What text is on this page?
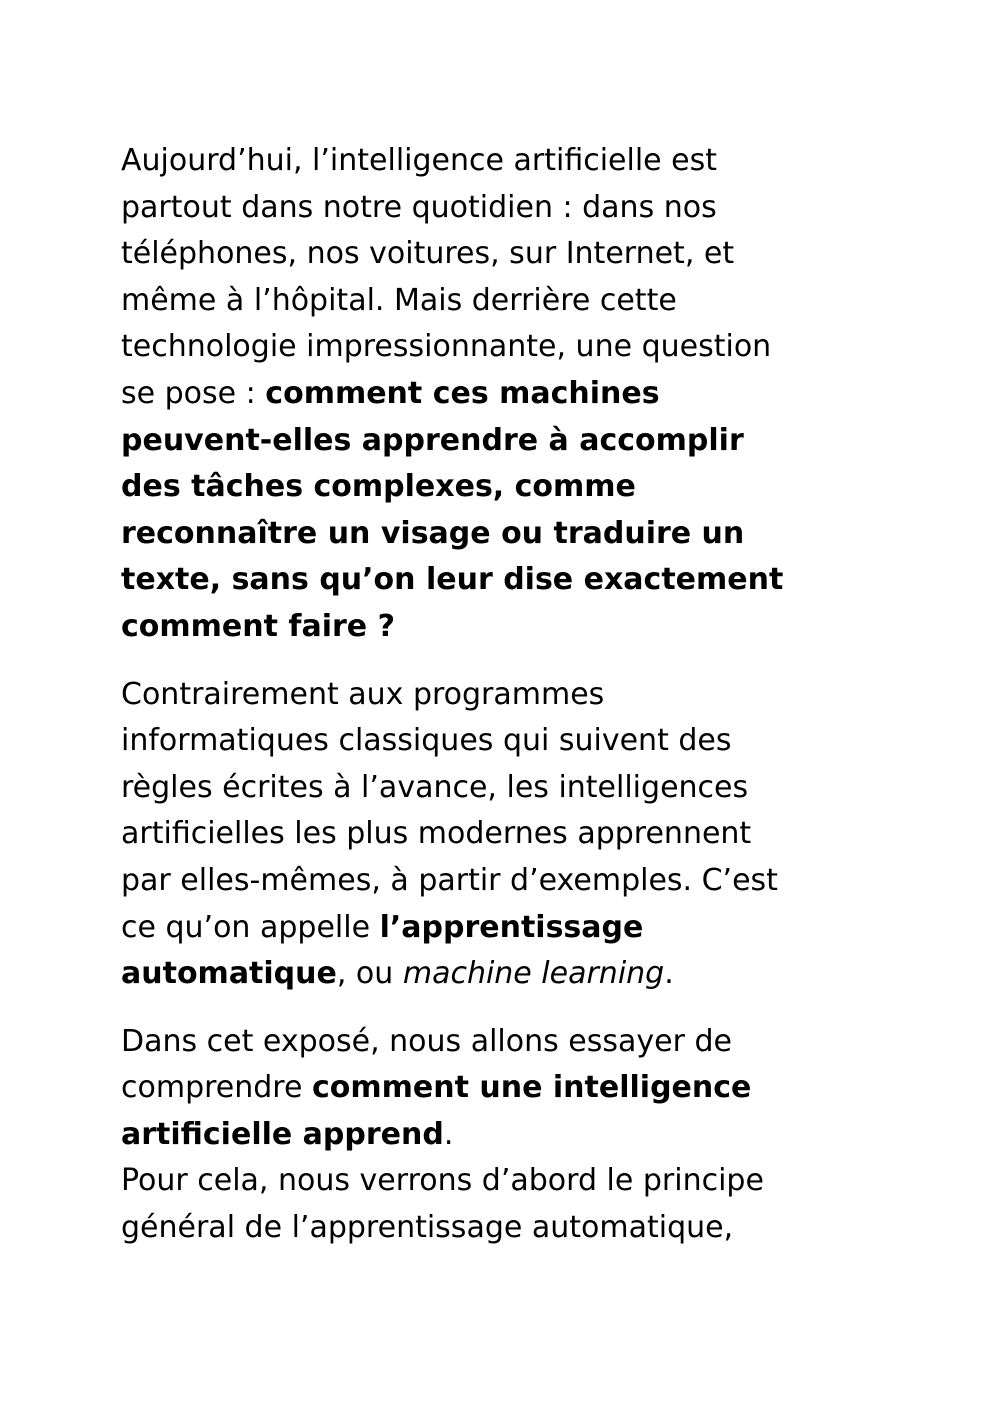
Aujourd’hui, l’intelligence artificielle est
partout dans notre quotidien : dans nos
téléphones, nos voitures, sur Internet, et
même à l’hôpital. Mais derrière cette
technologie impressionnante, une question
se pose : comment ces machines
peuvent-elles apprendre à accomplir
des tâches complexes, comme
reconnaître un visage ou traduire un
texte, sans qu’on leur dise exactement
comment faire ?

Contrairement aux programmes
informatiques classiques qui suivent des
règles écrites à l’avance, les intelligences
artificielles les plus modernes apprennent
par elles-mêmes, à partir d’exemples. C’est
ce qu’on appelle l’apprentissage
automatique, ou machine learning.

Dans cet exposé, nous allons essayer de
comprendre comment une intelligence
artificielle apprend.
Pour cela, nous verrons d’abord le principe
général de l’apprentissage automatique,
